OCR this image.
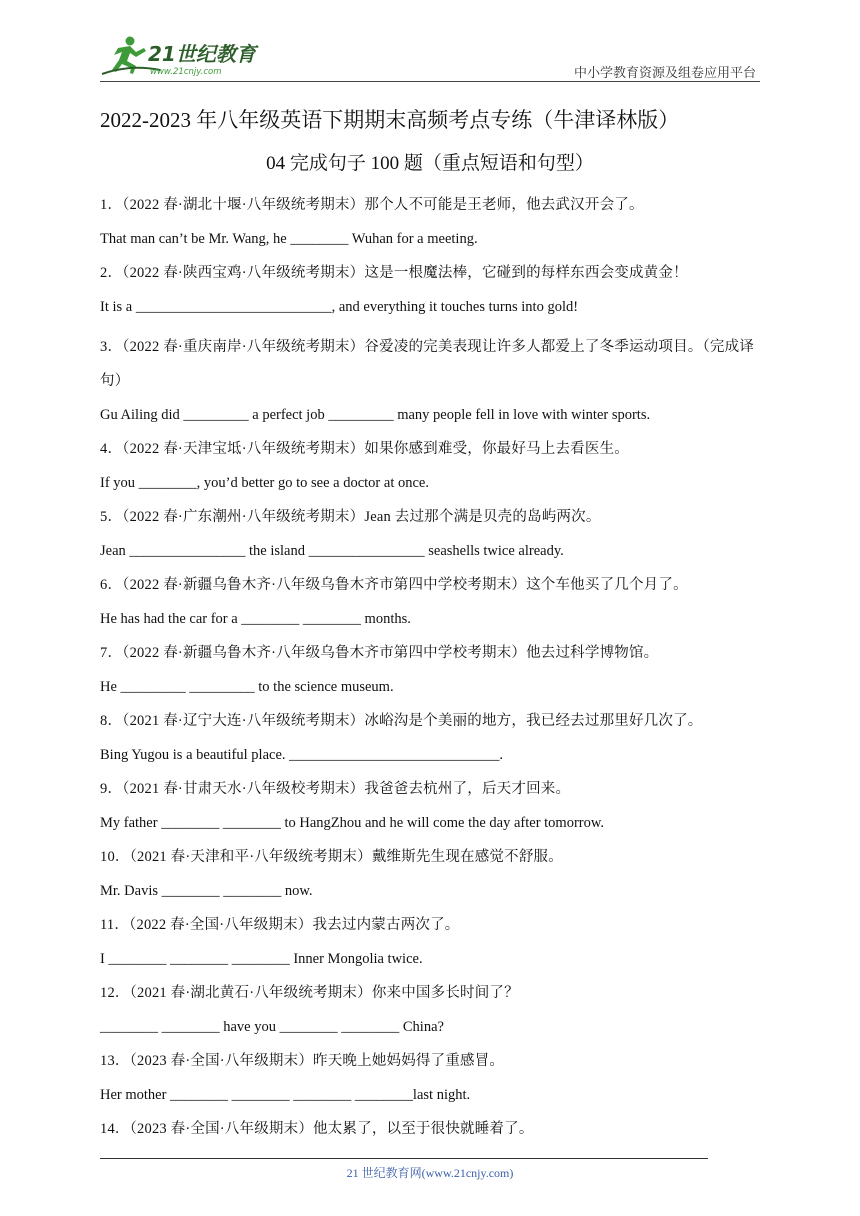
21世纪教育
www.21cnjy.com	中小学教育资源及组卷应用平台
2022-2023 年八年级英语下期期末高频考点专练（牛津译林版）
04 完成句子 100 题（重点短语和句型）

1．（2022 春·湖北十堰·八年级统考期末）那个人不可能是王老师，他去武汉开会了。

That man can’t be Mr. Wang, he ________ Wuhan for a meeting.

2．（2022 春·陕西宝鸡·八年级统考期末）这是一根魔法棒，它碰到的每样东西会变成黄金！

It is a ___________________________, and everything it touches turns into gold!

3．（2022 春·重庆南岸·八年级统考期末）谷爱凌的完美表现让许多人都爱上了冬季运动项目。（完成译句）

Gu Ailing did _________ a perfect job _________ many people fell in love with winter sports.

4．（2022 春·天津宝坻·八年级统考期末）如果你感到难受，你最好马上去看医生。

If you ________, you’d better go to see a doctor at once.

5．（2022 春·广东潮州·八年级统考期末）Jean 去过那个满是贝壳的岛屿两次。

Jean ________________ the island ________________ seashells twice already.

6．（2022 春·新疆乌鲁木齐·八年级乌鲁木齐市第四中学校考期末）这个车他买了几个月了。

He has had the car for a ________ ________ months.

7．（2022 春·新疆乌鲁木齐·八年级乌鲁木齐市第四中学校考期末）他去过科学博物馆。

He _________ _________ to the science museum.

8．（2021 春·辽宁大连·八年级统考期末）冰峪沟是个美丽的地方，我已经去过那里好几次了。

Bing Yugou is a beautiful place. _____________________________.

9．（2021 春·甘肃天水·八年级校考期末）我爸爸去杭州了，后天才回来。

My father ________ ________ to HangZhou and he will come the day after tomorrow.

10．（2021 春·天津和平·八年级统考期末）戴维斯先生现在感觉不舒服。

Mr. Davis ________ ________ now.

11．（2022 春·全国·八年级期末）我去过内蒙古两次了。

I ________ ________ ________ Inner Mongolia twice.

12．（2021 春·湖北黄石·八年级统考期末）你来中国多长时间了？

________ ________ have you ________ ________ China?

13．（2023 春·全国·八年级期末）昨天晚上她妈妈得了重感冒。

Her mother ________ ________ ________ ________last night.

14．（2023 春·全国·八年级期末）他太累了，以至于很快就睡着了。

21 世纪教育网(www.21cnjy.com)
